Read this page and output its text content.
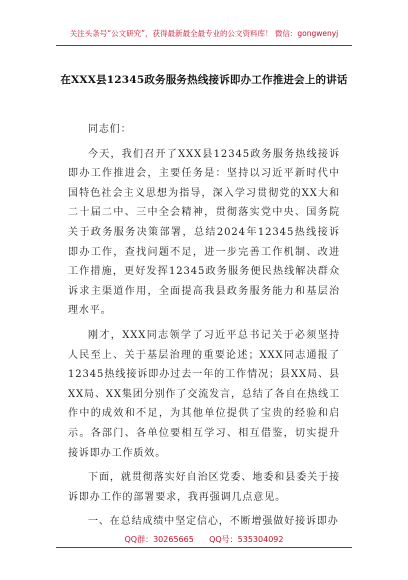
关注头条号“公文研究”，获得最新最全最专业的公文资料库！ 微信：gongwenyj
在XXX县12345政务服务热线接诉即办工作推进会上的讲话

同志们：

今天，我们召开了XXX县12345政务服务热线接诉即办工作推进会，主要任务是：坚持以习近平新时代中国特色社会主义思想为指导，深入学习贯彻党的XX大和二十届二中、三中全会精神，贯彻落实党中央、国务院关于政务服务决策部署，总结2024年12345热线接诉即办工作，查找问题不足，进一步完善工作机制、改进工作措施，更好发挥12345政务服务便民热线解决群众诉求主渠道作用，全面提高我县政务服务能力和基层治理水平。

刚才，XXX同志领学了习近平总书记关于必须坚持人民至上、关于基层治理的重要论述；XXX同志通报了12345热线接诉即办过去一年的工作情况；县XX局、县XX局、XX集团分别作了交流发言，总结了各自在热线工作中的成效和不足，为其他单位提供了宝贵的经验和启示。各部门、各单位要相互学习、相互借鉴，切实提升接诉即办工作质效。

下面，就贯彻落实好自治区党委、地委和县委关于接诉即办工作的部署要求，我再强调几点意见。

一、在总结成绩中坚定信心，不断增强做好接诉即办

QQ群：30265665      QQ号：535304092
